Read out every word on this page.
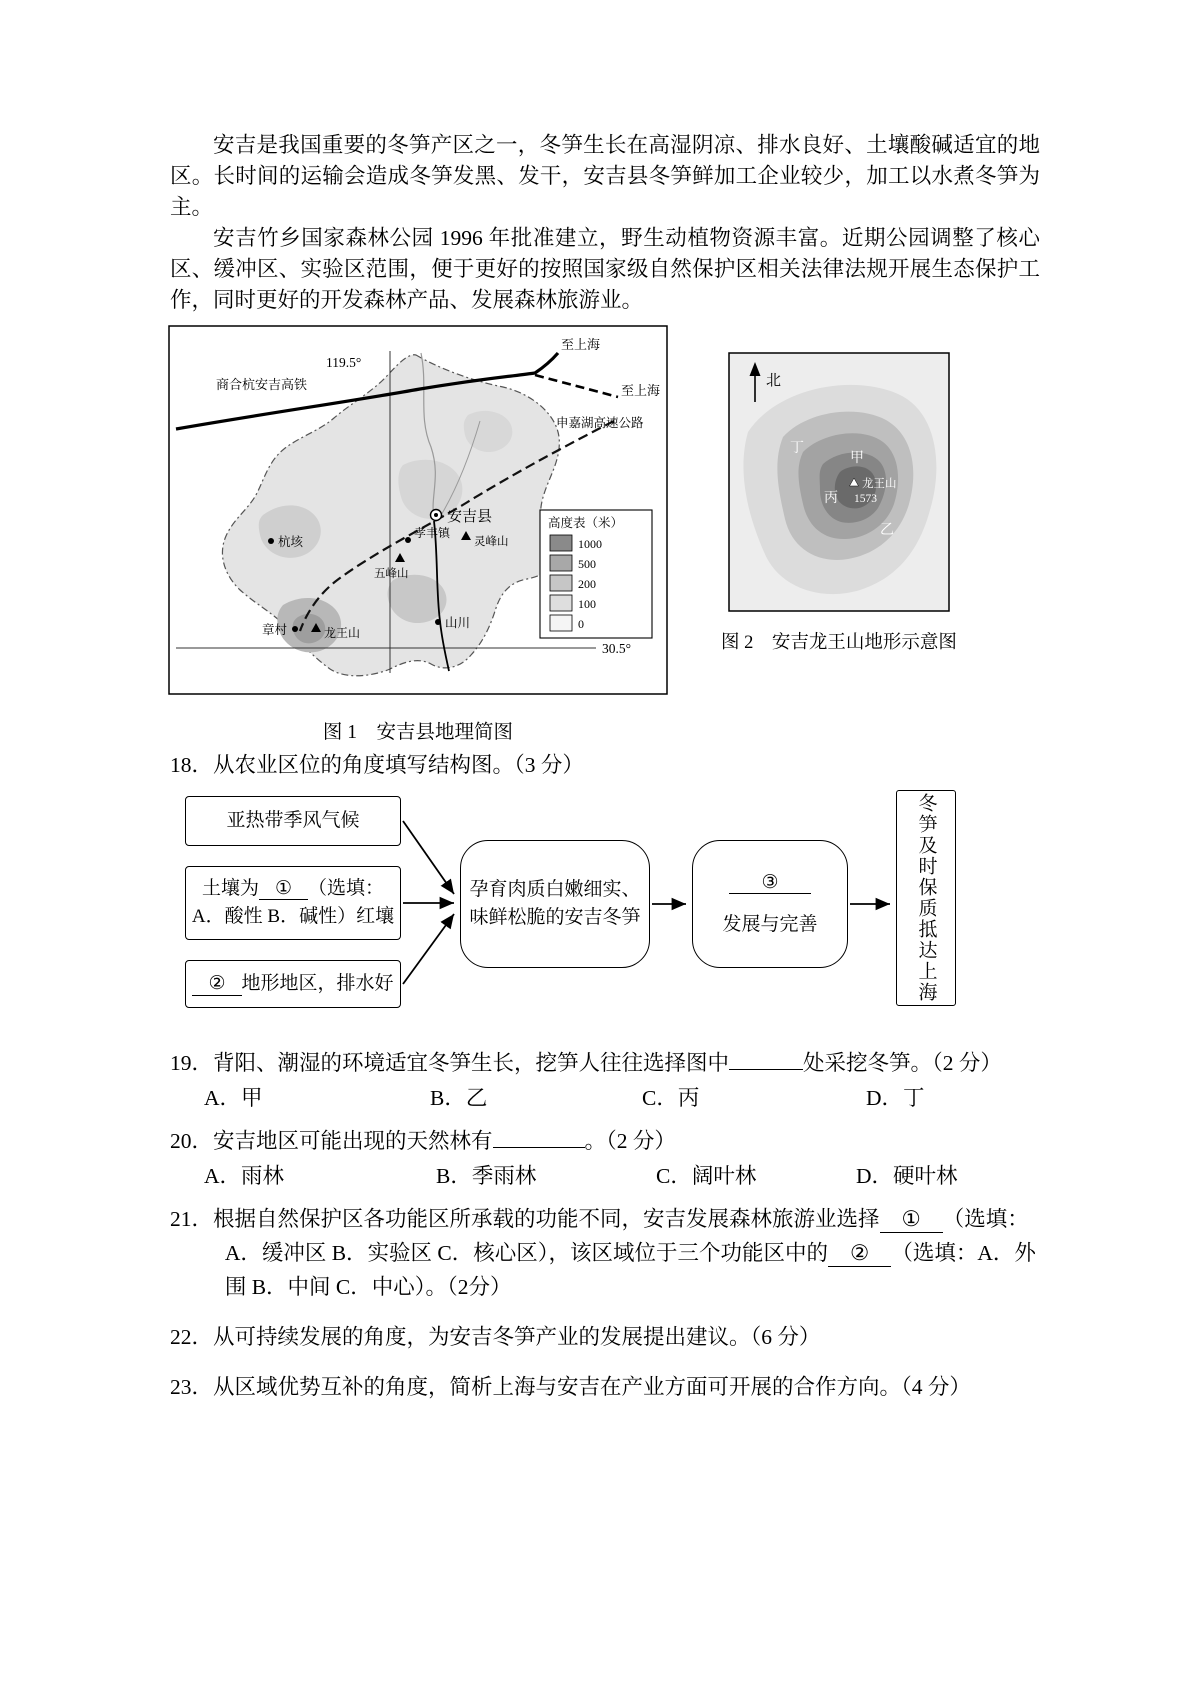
安吉是我国重要的冬笋产区之一，冬笋生长在高湿阴凉、排水良好、土壤酸碱适宜的地区。长时间的运输会造成冬笋发黑、发干，安吉县冬笋鲜加工企业较少，加工以水煮冬笋为主。

安吉竹乡国家森林公园 1996 年批准建立，野生动植物资源丰富。近期公园调整了核心区、缓冲区、实验区范围，便于更好的按照国家级自然保护区相关法律法规开展生态保护工作，同时更好的开发森林产品、发展森林旅游业。

119.5°
30.5°
至上海
至上海
商合杭安吉高铁
申嘉湖高速公路
安吉县
孝丰镇
灵峰山
五峰山
杭垓
章村	龙王山
山川
高度表（米）
1000
500
200
100
0
图 1　安吉县地理简图
北
丁
甲
丙
乙
龙王山
1573
图 2　安吉龙王山地形示意图
18．从农业区位的角度填写结构图。（3 分）
亚热带季风气候
土壤为 ① （选填：
A．酸性 B．碱性）红壤
② 地形地区，排水好
孕育肉质白嫩细实、
味鲜松脆的安吉冬笋
③
发展与完善	冬笋及时保质抵达上海
19．背阳、潮湿的环境适宜冬笋生长，挖笋人往往选择图中	处采挖冬笋。（2 分）
A．甲	B．乙	C．丙	D．丁
20．安吉地区可能出现的天然林有	。（2 分）
A．雨林	B．季雨林	C．阔叶林	D．硬叶林
21．根据自然保护区各功能区所承载的功能不同，安吉发展森林旅游业选择 ① （选填：A．缓冲区 B．实验区 C．核心区），该区域位于三个功能区中的 ② （选填：A．外围 B．中间 C．中心）。（2分）
22．从可持续发展的角度，为安吉冬笋产业的发展提出建议。（6 分）
23．从区域优势互补的角度，简析上海与安吉在产业方面可开展的合作方向。（4 分）
